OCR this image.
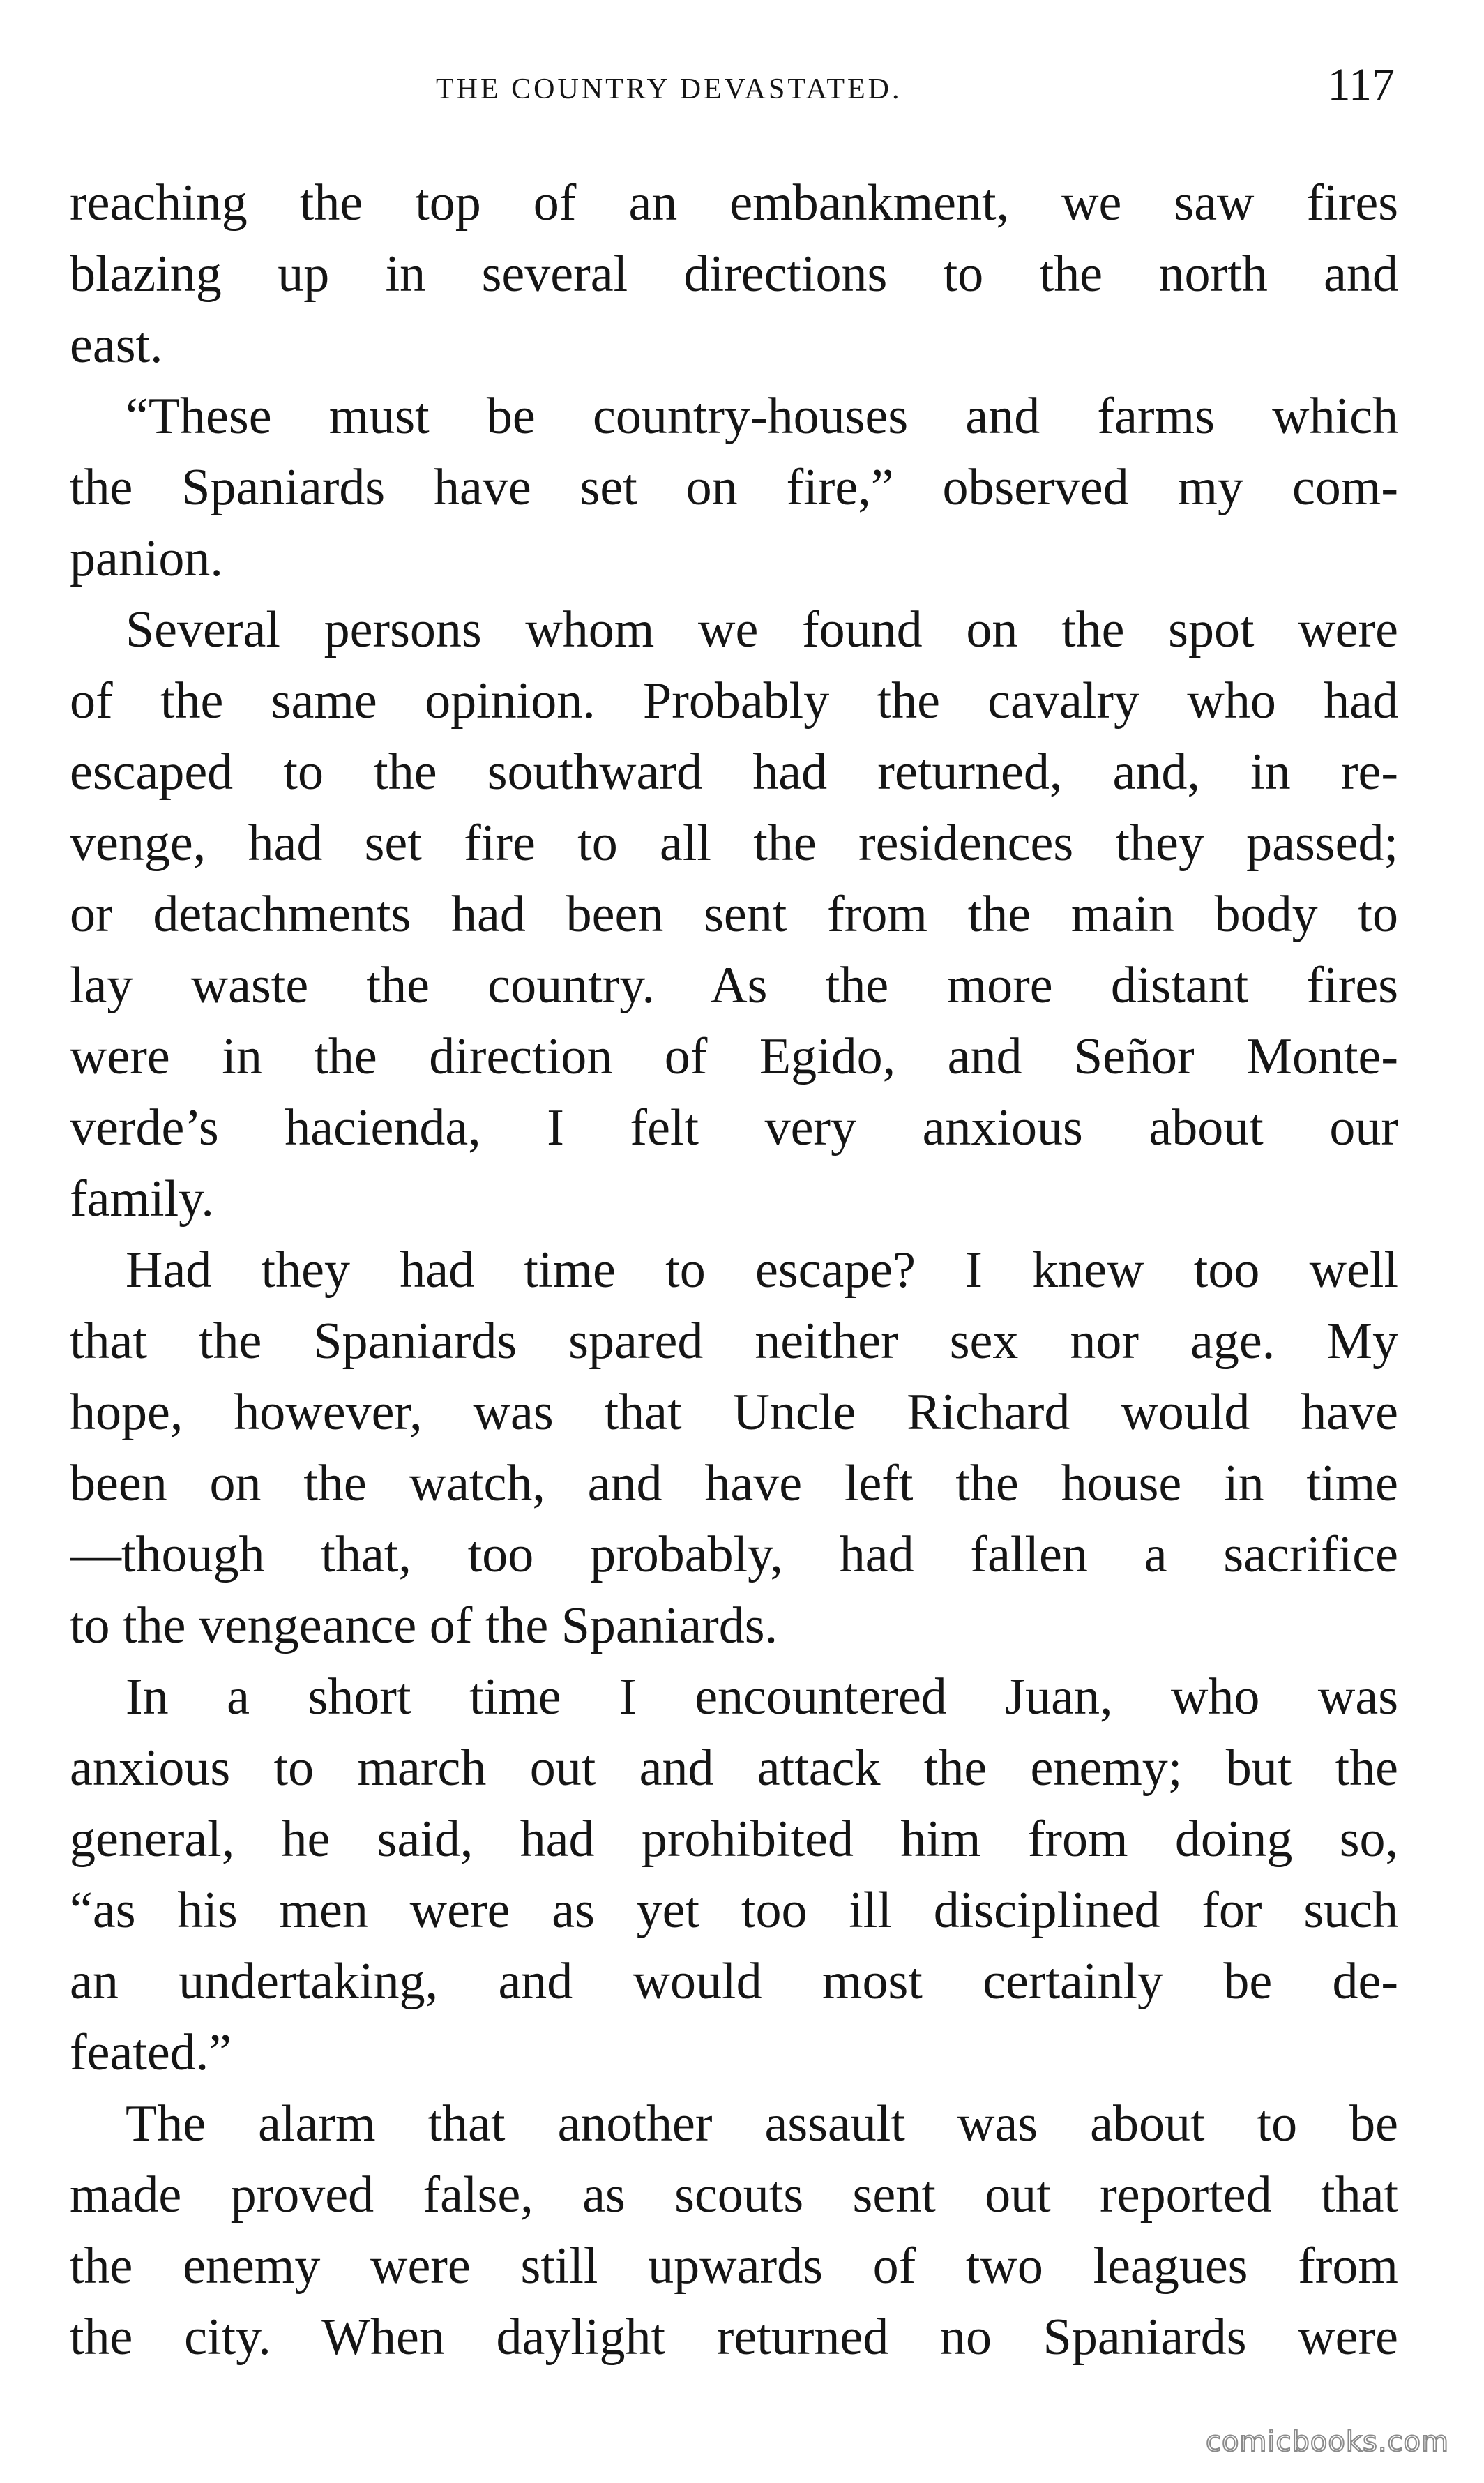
THE COUNTRY DEVASTATED.	117
reaching the top of an embankment, we saw fires
blazing up in several directions to the north and
east.
“These must be country-houses and farms which
the Spaniards have set on fire,” observed my com-
panion.
Several persons whom we found on the spot were
of the same opinion. Probably the cavalry who had
escaped to the southward had returned, and, in re-
venge, had set fire to all the residences they passed;
or detachments had been sent from the main body to
lay waste the country. As the more distant fires
were in the direction of Egido, and Señor Monte-
verde’s hacienda, I felt very anxious about our
family.
Had they had time to escape? I knew too well
that the Spaniards spared neither sex nor age. My
hope, however, was that Uncle Richard would have
been on the watch, and have left the house in time
—though that, too probably, had fallen a sacrifice
to the vengeance of the Spaniards.
In a short time I encountered Juan, who was
anxious to march out and attack the enemy; but the
general, he said, had prohibited him from doing so,
“as his men were as yet too ill disciplined for such
an undertaking, and would most certainly be de-
feated.”
The alarm that another assault was about to be
made proved false, as scouts sent out reported that
the enemy were still upwards of two leagues from
the city. When daylight returned no Spaniards were
comicbooks.com
